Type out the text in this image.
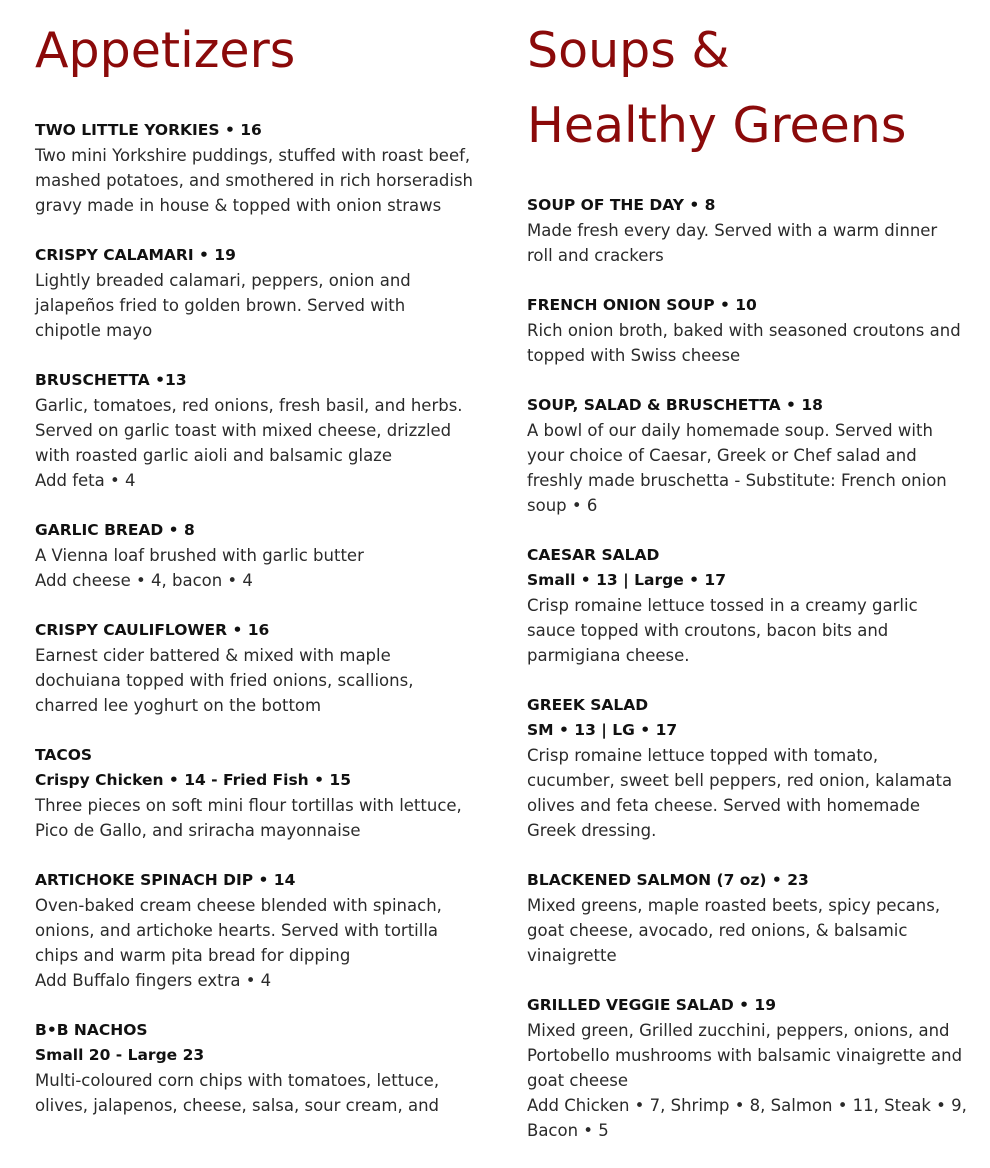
Appetizers

TWO LITTLE YORKIES • 16

Two mini Yorkshire puddings, stuffed with roast beef, mashed potatoes, and smothered in rich horseradish gravy made in house & topped with onion straws

CRISPY CALAMARI • 19

Lightly breaded calamari, peppers, onion and jalapeños fried to golden brown. Served with chipotle mayo

BRUSCHETTA •13

Garlic, tomatoes, red onions, fresh basil, and herbs. Served on garlic toast with mixed cheese, drizzled with roasted garlic aioli and balsamic glaze

Add feta • 4

GARLIC BREAD • 8

A Vienna loaf brushed with garlic butter

Add cheese • 4, bacon • 4

CRISPY CAULIFLOWER • 16

Earnest cider battered & mixed with maple dochuiana topped with fried onions, scallions, charred lee yoghurt on the bottom

TACOS

Crispy Chicken • 14 - Fried Fish • 15

Three pieces on soft mini flour tortillas with lettuce, Pico de Gallo, and sriracha mayonnaise

ARTICHOKE SPINACH DIP • 14

Oven-baked cream cheese blended with spinach, onions, and artichoke hearts. Served with tortilla chips and warm pita bread for dipping

Add Buffalo fingers extra • 4

B•B NACHOS

Small 20 - Large 23

Multi-coloured corn chips with tomatoes, lettuce, olives, jalapenos, cheese, salsa, sour cream, and

Soups &
Healthy Greens

SOUP OF THE DAY • 8

Made fresh every day. Served with a warm dinner roll and crackers

FRENCH ONION SOUP • 10

Rich onion broth, baked with seasoned croutons and topped with Swiss cheese

SOUP, SALAD & BRUSCHETTA • 18

A bowl of our daily homemade soup. Served with your choice of Caesar, Greek or Chef salad and freshly made bruschetta - Substitute: French onion soup • 6

CAESAR SALAD

Small • 13 | Large • 17

Crisp romaine lettuce tossed in a creamy garlic sauce topped with croutons, bacon bits and parmigiana cheese.

GREEK SALAD

SM • 13 | LG • 17

Crisp romaine lettuce topped with tomato, cucumber, sweet bell peppers, red onion, kalamata olives and feta cheese. Served with homemade Greek dressing.

BLACKENED SALMON (7 oz) • 23

Mixed greens, maple roasted beets, spicy pecans, goat cheese, avocado, red onions, & balsamic vinaigrette

GRILLED VEGGIE SALAD • 19

Mixed green, Grilled zucchini, peppers, onions, and Portobello mushrooms with balsamic vinaigrette and goat cheese

Add Chicken • 7, Shrimp • 8, Salmon • 11, Steak • 9, Bacon • 5
